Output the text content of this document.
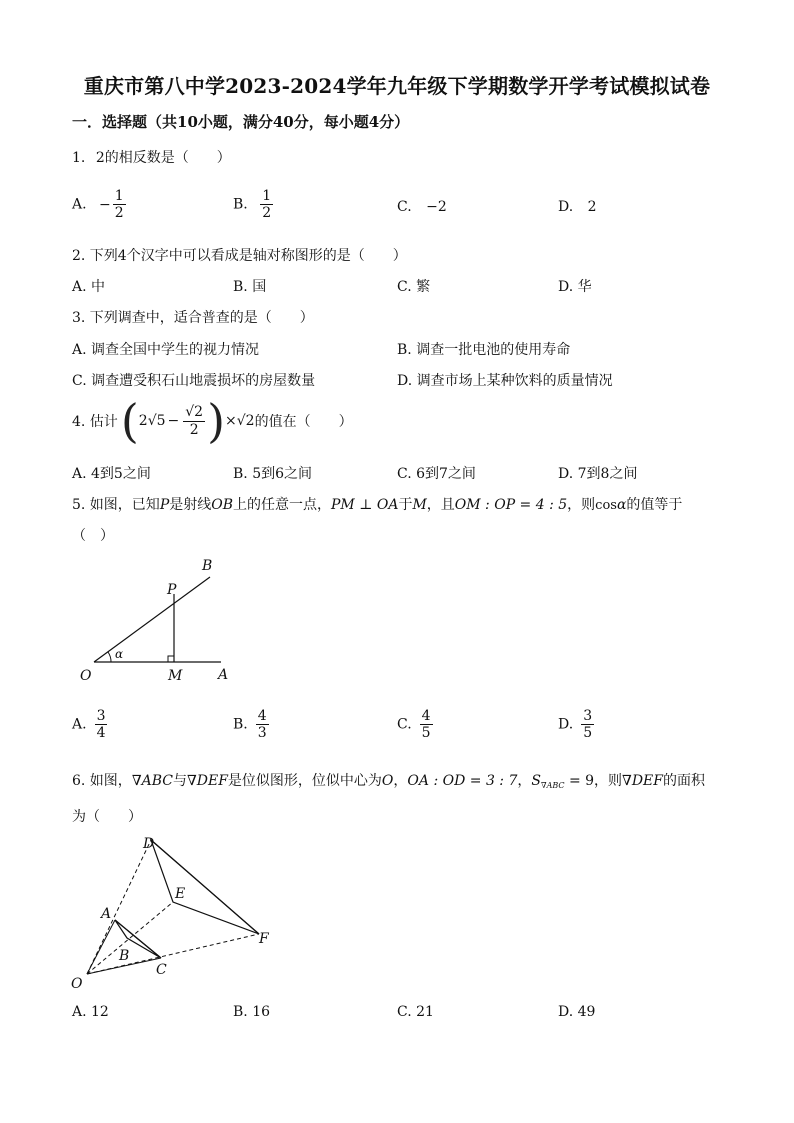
重庆市第八中学2023-2024学年九年级下学期数学开学考试模拟试卷
一．选择题（共10小题，满分40分，每小题4分）
1. 2的相反数是（　　）
A. − $\frac{1}{2}$	B. $\frac{1}{2}$	C. −2	D. 2
2. 下列4个汉字中可以看成是轴对称图形的是（　　）
A. 中	B. 国	C. 繁	D. 华
3. 下列调查中，适合普查的是（　　）
A. 调查全国中学生的视力情况	B. 调查一批电池的使用寿命
C. 调查遭受积石山地震损坏的房屋数量	D. 调查市场上某种饮料的质量情况
4. 估计 ( 2 $√5 - \frac{√2}{2}$ ) × √2 的值在（　　）
A. 4到5之间	B. 5到6之间	C. 6到7之间	D. 7到8之间
5. 如图，已知P是射线OB上的任意一点，PM ⊥ OA于M，且OM : OP = 4 : 5，则cosα的值等于
（　）
B
P
O	M	A
α
A. $\frac{3}{4}$	B. $\frac{4}{3}$	C. $\frac{4}{5}$	D. $\frac{3}{5}$
6. 如图，∇ABC与∇DEF是位似图形，位似中心为O，OA : OD = 3 : 7，$S_{\nabla ABC} = 9$，则∇DEF的面积
为（　　）
D
E
A
F
B
C
O
A. 12	B. 16	C. 21	D. 49
